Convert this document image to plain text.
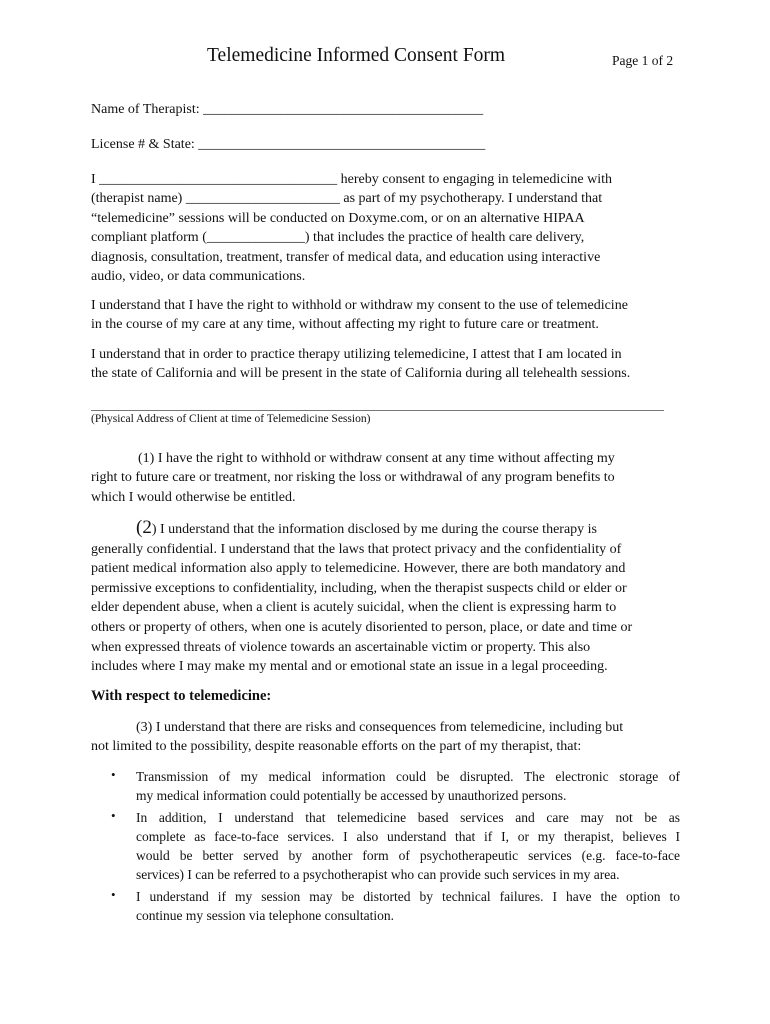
Telemedicine Informed Consent Form	Page 1 of 2
Name of Therapist: ________________________________________
License # & State: _________________________________________
I __________________________________ hereby consent to engaging in telemedicine with
(therapist name) ______________________ as part of my psychotherapy. I understand that
“telemedicine” sessions will be conducted on Doxyme.com, or on an alternative HIPAA
compliant platform (______________) that includes the practice of health care delivery,
diagnosis, consultation, treatment, transfer of medical data, and education using interactive
audio, video, or data communications.
I understand that I have the right to withhold or withdraw my consent to the use of telemedicine
in the course of my care at any time, without affecting my right to future care or treatment.
I understand that in order to practice therapy utilizing telemedicine, I attest that I am located in
the state of California and will be present in the state of California during all telehealth sessions.
(Physical Address of Client at time of Telemedicine Session)
(1) I have the right to withhold or withdraw consent at any time without affecting my
right to future care or treatment, nor risking the loss or withdrawal of any program benefits to
which I would otherwise be entitled.
(2) I understand that the information disclosed by me during the course therapy is
generally confidential. I understand that the laws that protect privacy and the confidentiality of
patient medical information also apply to telemedicine. However, there are both mandatory and
permissive exceptions to confidentiality, including, when the therapist suspects child or elder or
elder dependent abuse, when a client is acutely suicidal, when the client is expressing harm to
others or property of others, when one is acutely disoriented to person, place, or date and time or
when expressed threats of violence towards an ascertainable victim or property. This also
includes where I may make my mental and or emotional state an issue in a legal proceeding.
With respect to telemedicine:
(3) I understand that there are risks and consequences from telemedicine, including but
not limited to the possibility, despite reasonable efforts on the part of my therapist, that:
• Transmission of my medical information could be disrupted. The electronic storage of
my medical information could potentially be accessed by unauthorized persons.
• In addition, I understand that telemedicine based services and care may not be as
complete as face-to-face services. I also understand that if I, or my therapist, believes I
would be better served by another form of psychotherapeutic services (e.g. face-to-face
services) I can be referred to a psychotherapist who can provide such services in my area.
• I understand if my session may be distorted by technical failures. I have the option to
continue my session via telephone consultation.
